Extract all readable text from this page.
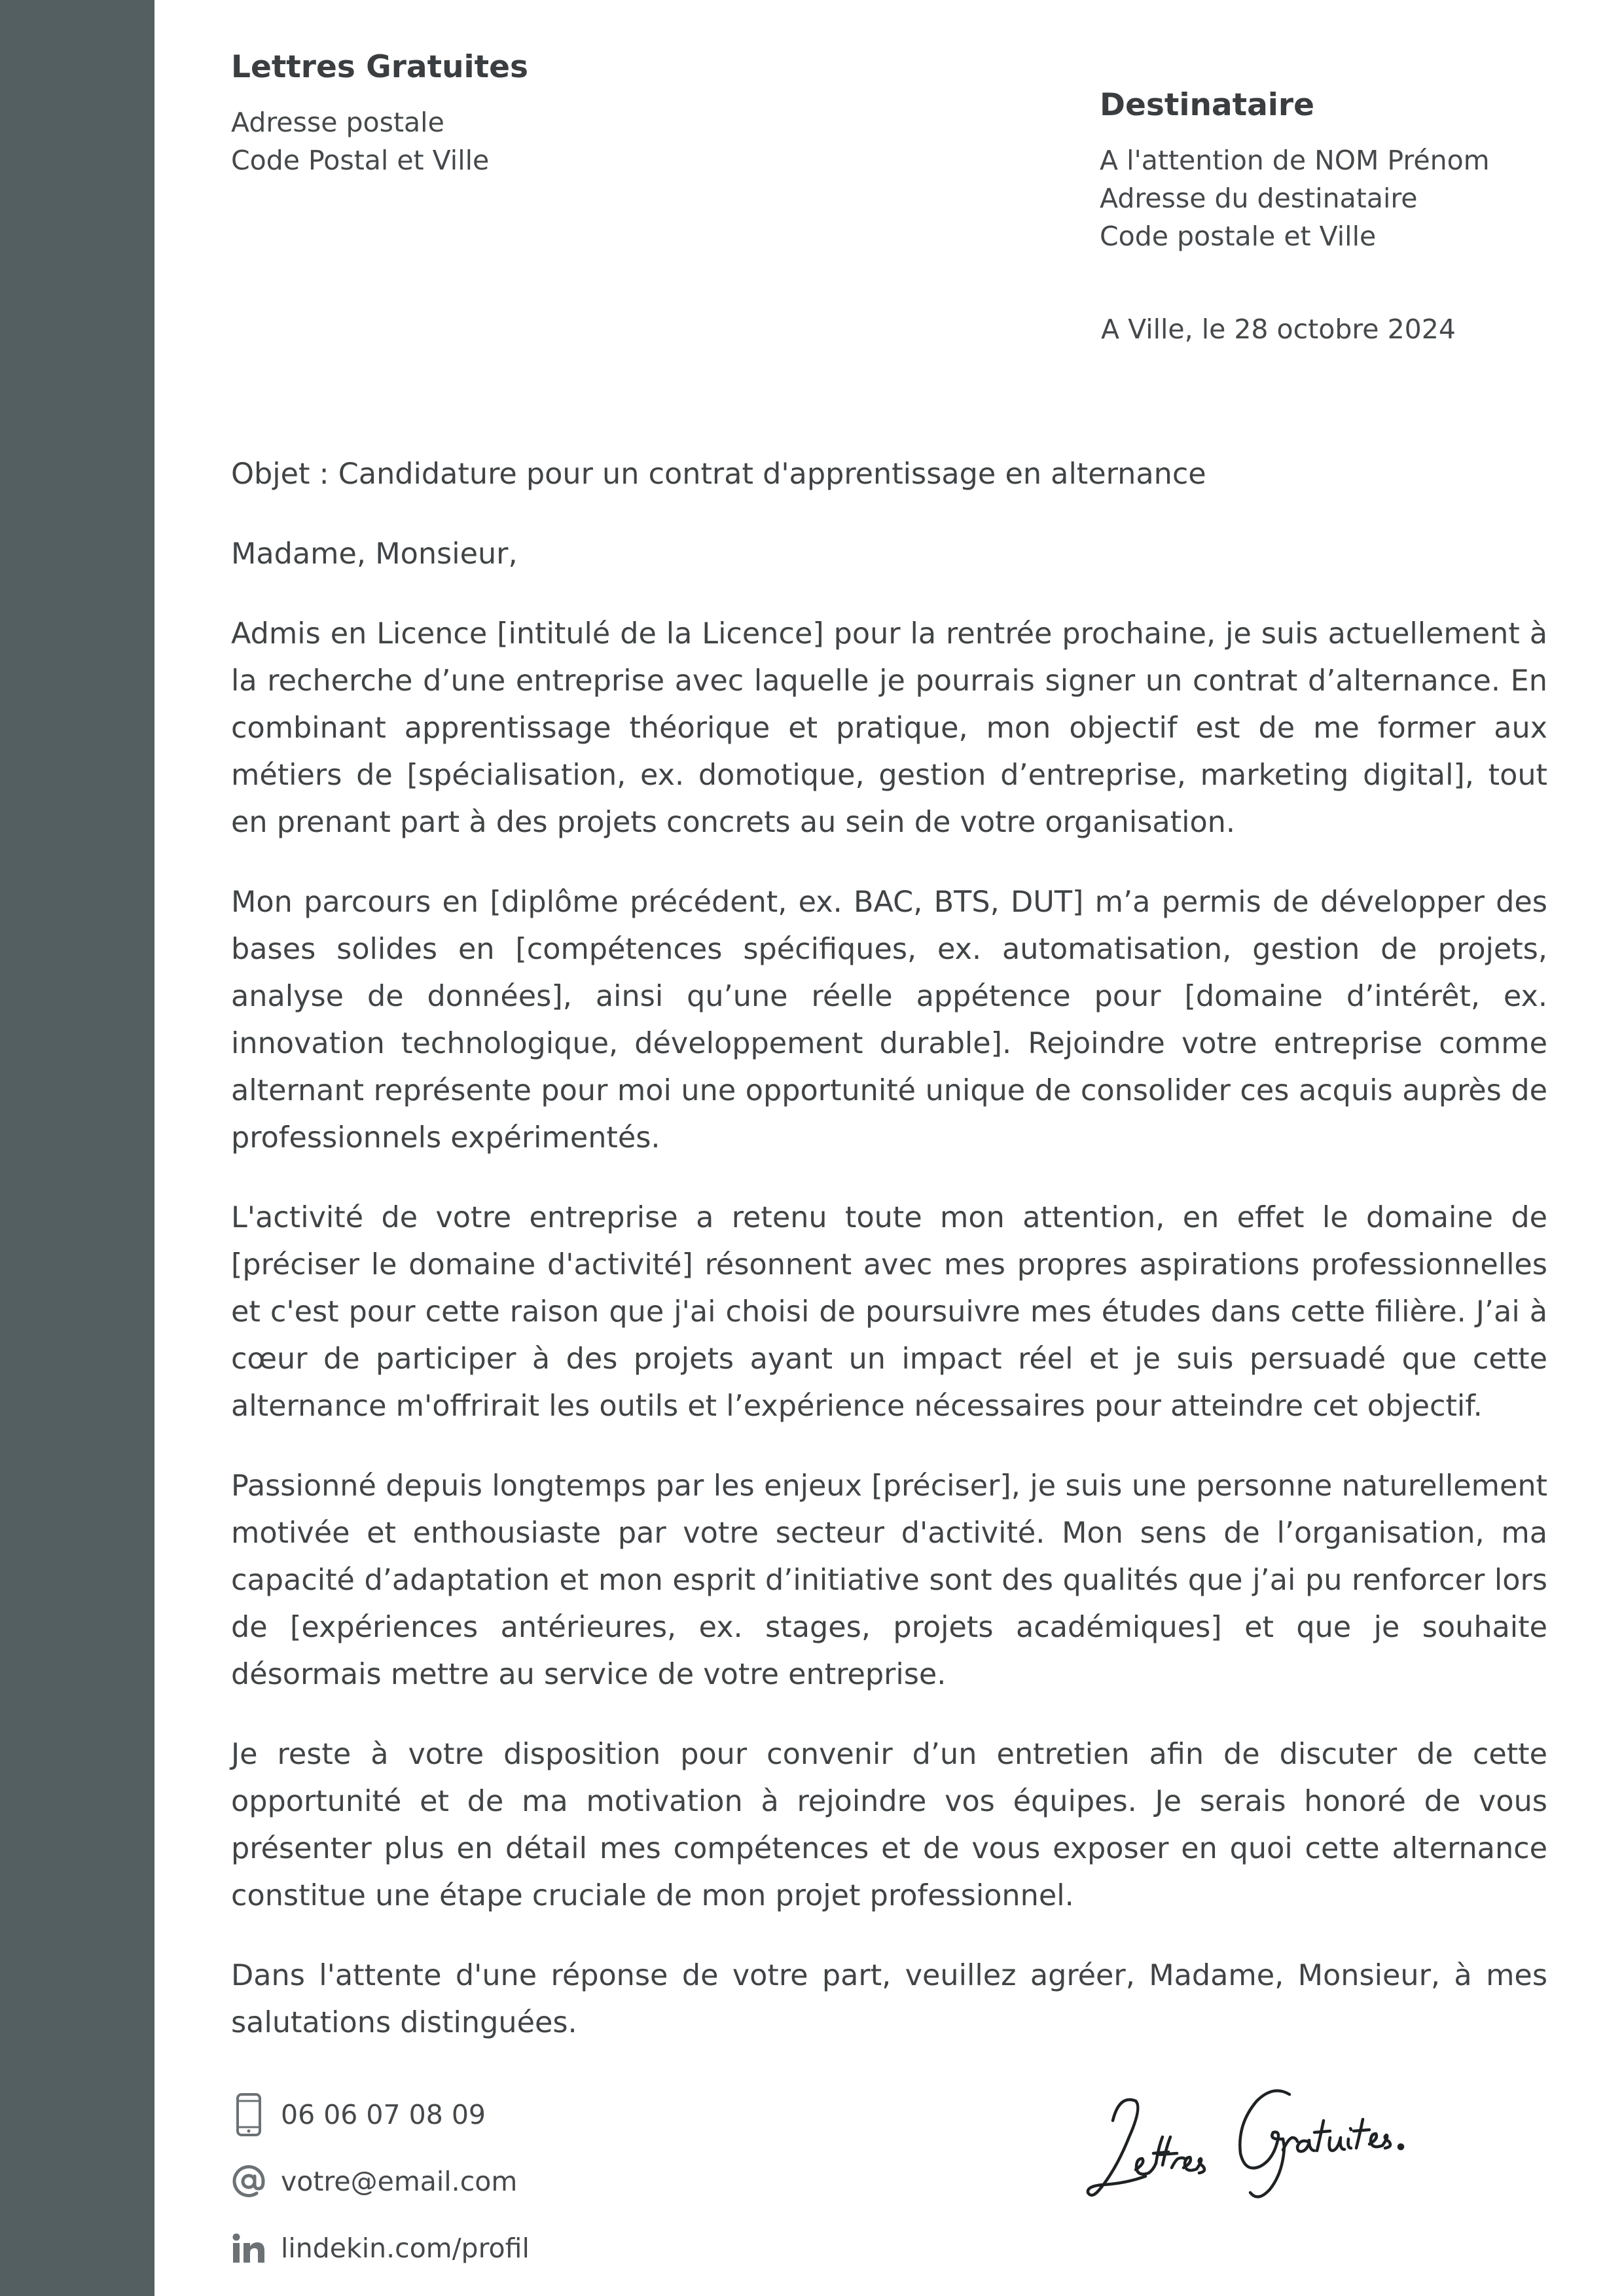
Lettres Gratuites
Adresse postale
Code Postal et Ville
Destinataire
A l'attention de NOM Prénom
Adresse du destinataire
Code postale et Ville
A Ville, le 28 octobre 2024

Objet : Candidature pour un contrat d'apprentissage en alternance

Madame, Monsieur,

Admis en Licence [intitulé de la Licence] pour la rentrée prochaine, je suis actuellement à la recherche d’une entreprise avec laquelle je pourrais signer un contrat d’alternance. En combinant apprentissage théorique et pratique, mon objectif est de me former aux métiers de [spécialisation, ex. domotique, gestion d’entreprise, marketing digital], tout en prenant part à des projets concrets au sein de votre organisation.

Mon parcours en [diplôme précédent, ex. BAC, BTS, DUT] m’a permis de développer des bases solides en [compétences spécifiques, ex. automatisation, gestion de projets, analyse de données], ainsi qu’une réelle appétence pour [domaine d’intérêt, ex. innovation technologique, développement durable]. Rejoindre votre entreprise comme alternant représente pour moi une opportunité unique de consolider ces acquis auprès de professionnels expérimentés.

L'activité de votre entreprise a retenu toute mon attention, en effet le domaine de [préciser le domaine d'activité] résonnent avec mes propres aspirations professionnelles et c'est pour cette raison que j'ai choisi de poursuivre mes études dans cette filière. J’ai à cœur de participer à des projets ayant un impact réel et je suis persuadé que cette alternance m'offrirait les outils et l’expérience nécessaires pour atteindre cet objectif.

Passionné depuis longtemps par les enjeux [préciser], je suis une personne naturellement motivée et enthousiaste par votre secteur d'activité. Mon sens de l’organisation, ma capacité d’adaptation et mon esprit d’initiative sont des qualités que j’ai pu renforcer lors de [expériences antérieures, ex. stages, projets académiques] et que je souhaite désormais mettre au service de votre entreprise.

Je reste à votre disposition pour convenir d’un entretien afin de discuter de cette opportunité et de ma motivation à rejoindre vos équipes. Je serais honoré de vous présenter plus en détail mes compétences et de vous exposer en quoi cette alternance constitue une étape cruciale de mon projet professionnel.

Dans l'attente d'une réponse de votre part, veuillez agréer, Madame, Monsieur, à mes salutations distinguées.

06 06 07 08 09
votre@email.com
lindekin.com/profil
